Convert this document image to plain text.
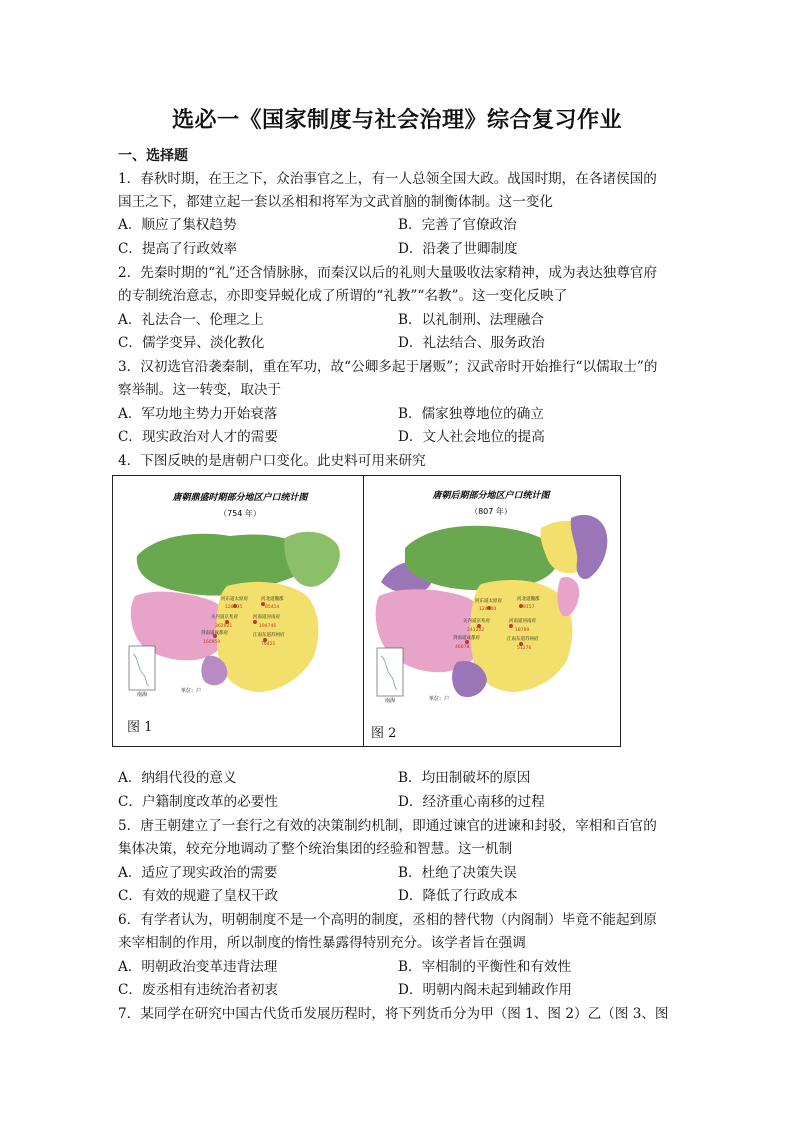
选必一《国家制度与社会治理》综合复习作业
一、选择题
1．春秋时期，在王之下，众治事官之上，有一人总领全国大政。战国时期，在各诸侯国的
国王之下，都建立起一套以丞相和将军为文武首脑的制衡体制。这一变化
A．顺应了集权趋势	B．完善了官僚政治
C．提高了行政效率	D．沿袭了世卿制度
2．先秦时期的“礼”还含情脉脉，而秦汉以后的礼则大量吸收法家精神，成为表达独尊官府
的专制统治意志，亦即变异蜕化成了所谓的“礼教”“名教”。这一变化反映了
A．礼法合一、伦理之上	B．以礼制刑、法理融合
C．儒学变异、淡化教化	D．礼法结合、服务政治
3．汉初选官沿袭秦制，重在军功，故“公卿多起于屠贩”；汉武帝时开始推行“以儒取士”的
察举制。这一转变，取决于
A．军功地主势力开始衰落	B．儒家独尊地位的确立
C．现实政治对人才的需要	D．文人社会地位的提高
4．下图反映的是唐朝户口变化。此史料可用来研究
唐朝鼎盛时期部分地区户口统计图
（754 年）
南海
单位：户
河东道太原府
128935
河北道魏郡
85454
关内道京兆府
362921
河南道河南府
194746
剑南道成都府
160950
江南东道苏州府
76421
图 1
唐朝后期部分地区户口统计图
（807 年）
南海	单位：户
河东道太原府
124000
河北道魏郡
8157
关内道京兆府
241202
河南道河南府
18799
剑南道成都府
46078
江南东道苏州府
51276
图 2
A．纳绢代役的意义	B．均田制破坏的原因
C．户籍制度改革的必要性	D．经济重心南移的过程
5．唐王朝建立了一套行之有效的决策制约机制，即通过谏官的进谏和封驳，宰相和百官的
集体决策，较充分地调动了整个统治集团的经验和智慧。这一机制
A．适应了现实政治的需要	B．杜绝了决策失误
C．有效的规避了皇权干政	D．降低了行政成本
6．有学者认为，明朝制度不是一个高明的制度，丞相的替代物（内阁制）毕竟不能起到原
来宰相制的作用，所以制度的惰性暴露得特别充分。该学者旨在强调
A．明朝政治变革违背法理	B．宰相制的平衡性和有效性
C．废丞相有违统治者初衷	D．明朝内阁未起到辅政作用
7．某同学在研究中国古代货币发展历程时，将下列货币分为甲（图 1、图 2）乙（图 3、图
